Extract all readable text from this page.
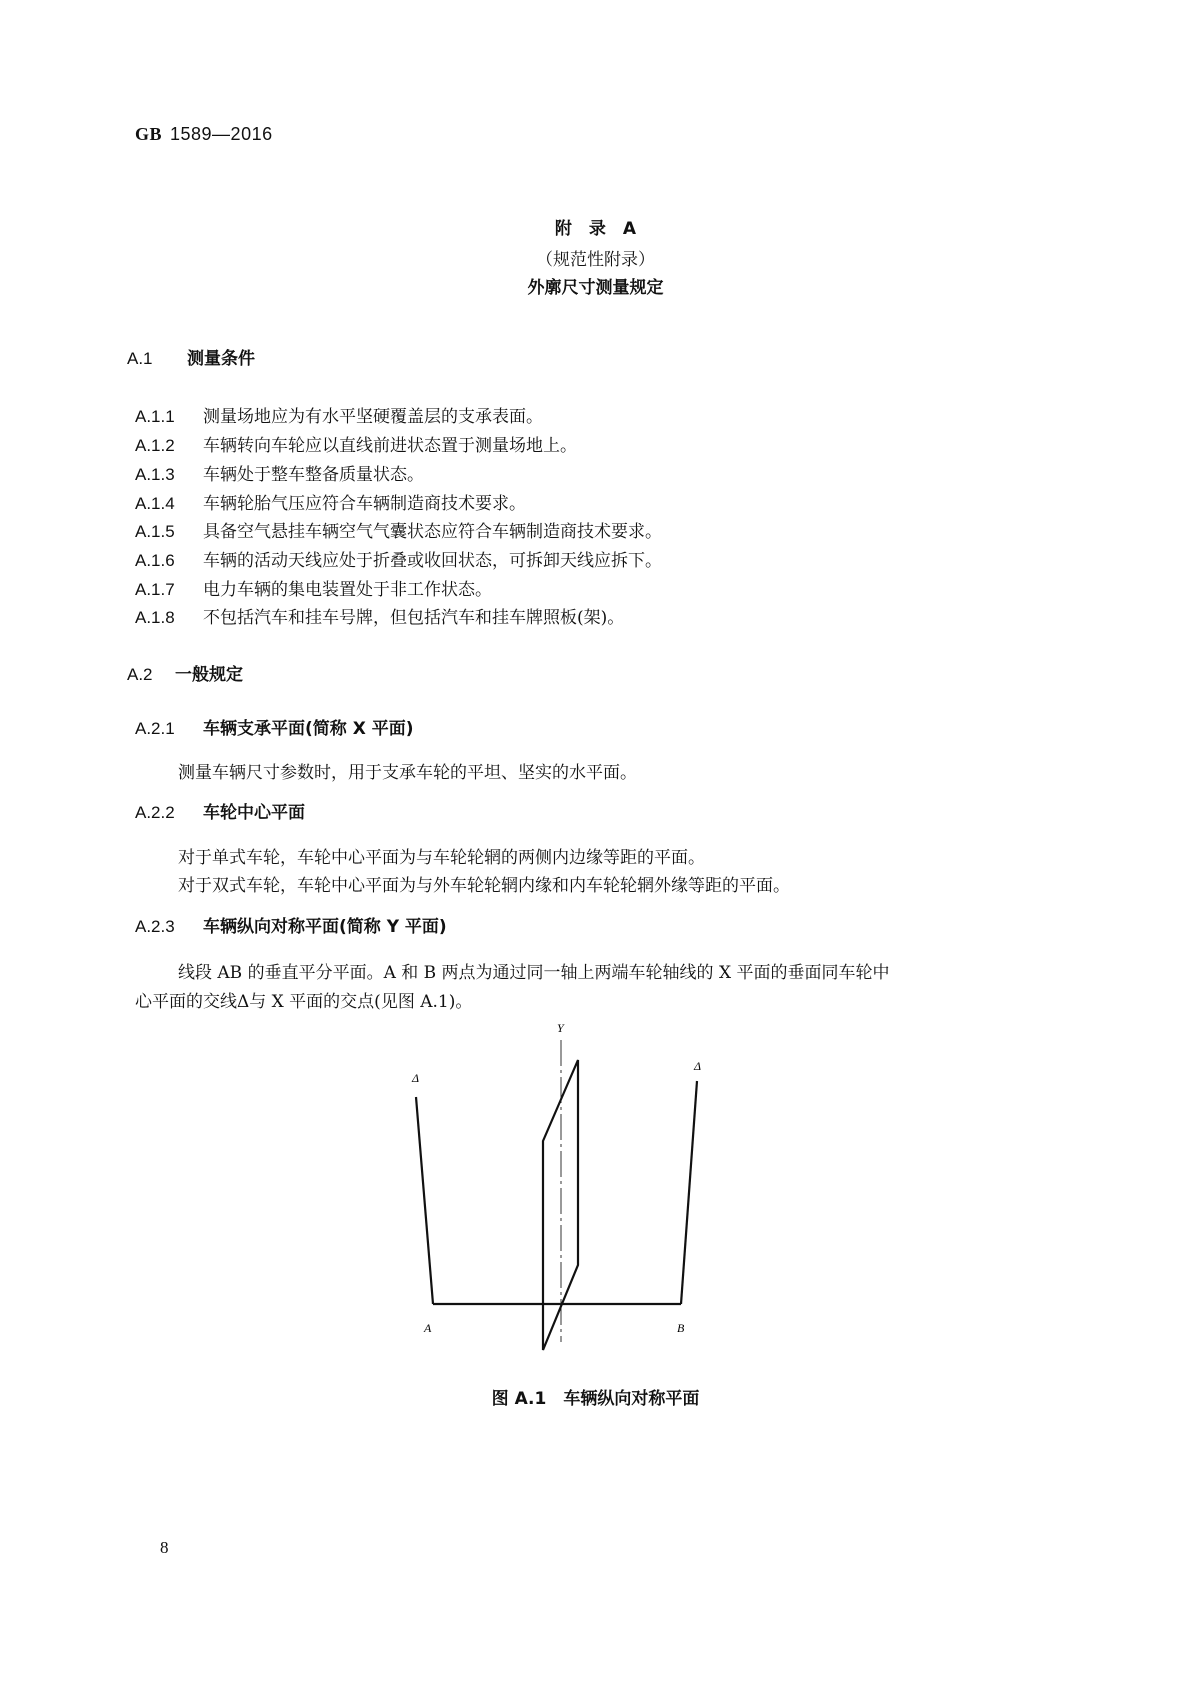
GB 1589—2016
附　录　A
（规范性附录）
外廓尺寸测量规定
A.1 测量条件
A.1.1 测量场地应为有水平坚硬覆盖层的支承表面。
A.1.2 车辆转向车轮应以直线前进状态置于测量场地上。
A.1.3 车辆处于整车整备质量状态。
A.1.4 车辆轮胎气压应符合车辆制造商技术要求。
A.1.5 具备空气悬挂车辆空气气囊状态应符合车辆制造商技术要求。
A.1.6 车辆的活动天线应处于折叠或收回状态，可拆卸天线应拆下。
A.1.7 电力车辆的集电装置处于非工作状态。
A.1.8 不包括汽车和挂车号牌，但包括汽车和挂车牌照板(架)。
A.2 一般规定
A.2.1 车辆支承平面(简称 X 平面)
测量车辆尺寸参数时，用于支承车轮的平坦、坚实的水平面。
A.2.2 车轮中心平面
对于单式车轮，车轮中心平面为与车轮轮辋的两侧内边缘等距的平面。
对于双式车轮，车轮中心平面为与外车轮轮辋内缘和内车轮轮辋外缘等距的平面。
A.2.3 车辆纵向对称平面(简称 Y 平面)
线段 AB 的垂直平分平面。A 和 B 两点为通过同一轴上两端车轮轴线的 X 平面的垂面同车轮中
心平面的交线Δ与 X 平面的交点(见图 A.1)。
Y
Δ
Δ
A	B
图 A.1　车辆纵向对称平面
8
